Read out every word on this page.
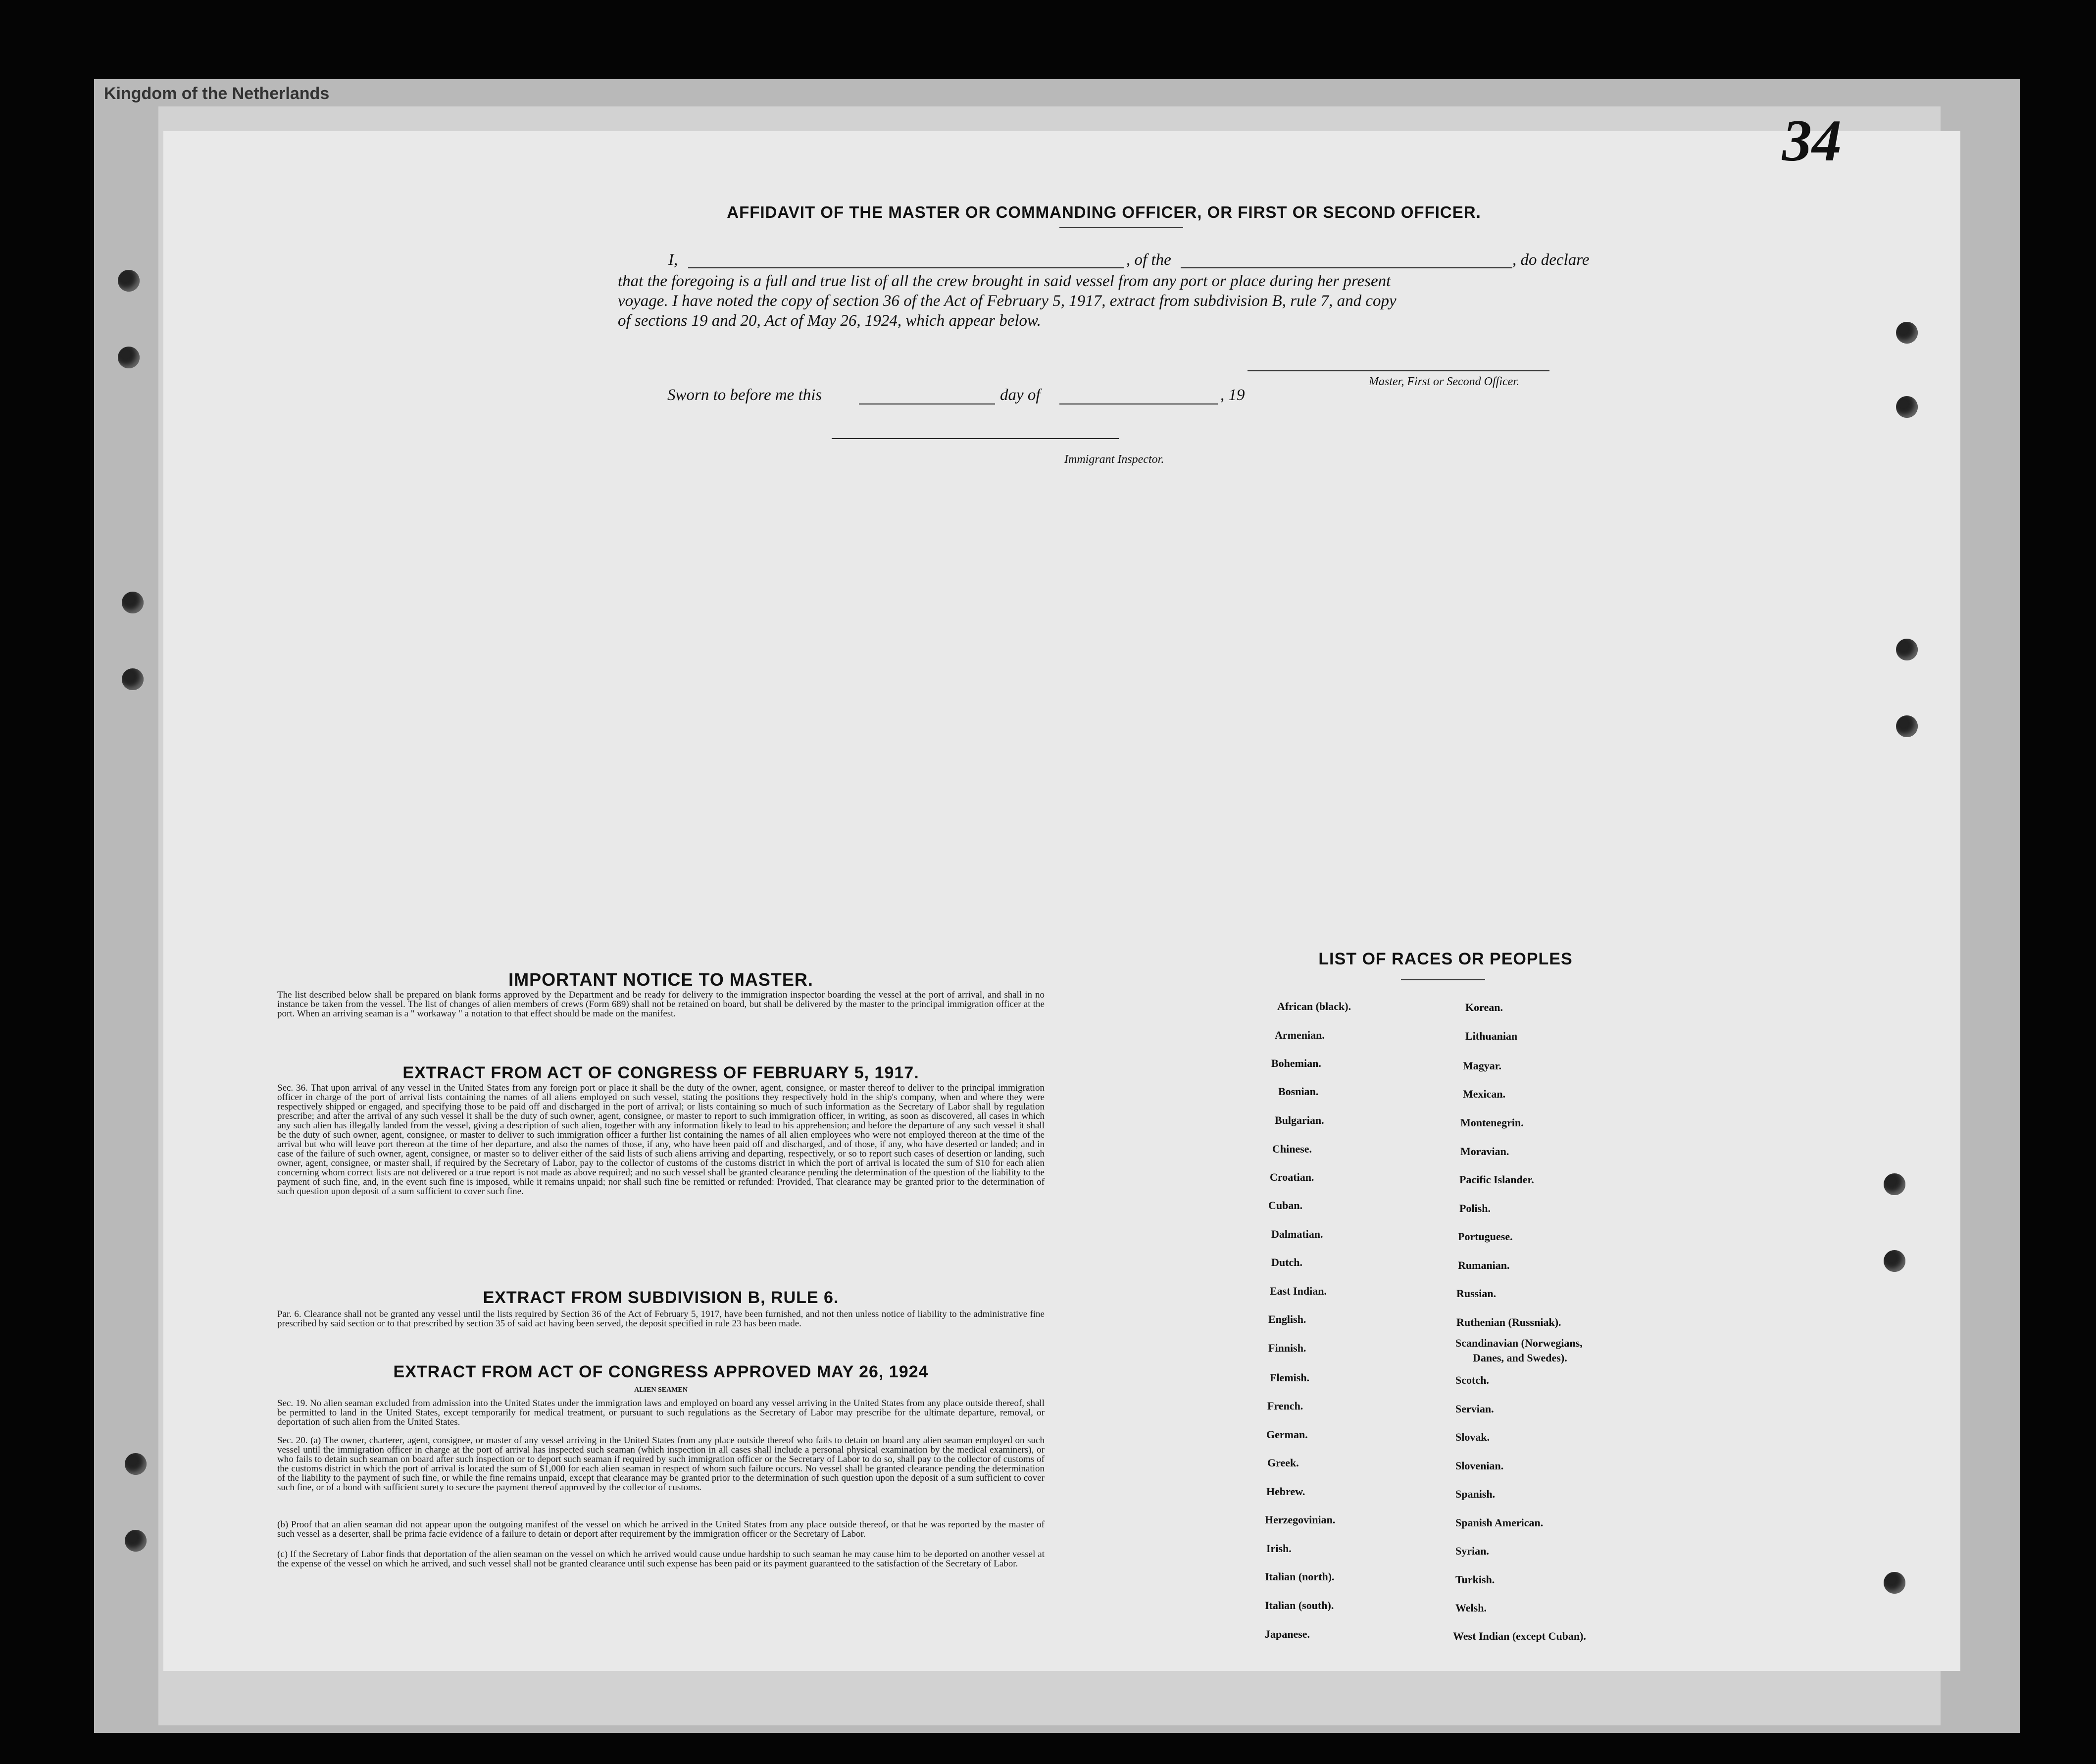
Kingdom of the Netherlands
34
AFFIDAVIT OF THE MASTER OR COMMANDING OFFICER, OR FIRST OR SECOND OFFICER.
I,	, of the	, do declare
that the foregoing is a full and true list of all the crew brought in said vessel from any port or place during her present
voyage. I have noted the copy of section 36 of the Act of February 5, 1917, extract from subdivision B, rule 7, and copy
of sections 19 and 20, Act of May 26, 1924, which appear below.
Master, First or Second Officer.
Sworn to before me this	day of	, 19
Immigrant Inspector.
IMPORTANT NOTICE TO MASTER.
The list described below shall be prepared on blank forms approved by the Department and be ready for delivery to the immigration inspector boarding the vessel at the port of arrival, and shall in no instance be taken from the vessel. The list of changes of alien members of crews (Form 689) shall not be retained on board, but shall be delivered by the master to the principal immigration officer at the port. When an arriving seaman is a " workaway " a notation to that effect should be made on the manifest.
EXTRACT FROM ACT OF CONGRESS OF FEBRUARY 5, 1917.
Sec. 36. That upon arrival of any vessel in the United States from any foreign port or place it shall be the duty of the owner, agent, consignee, or master thereof to deliver to the principal immigration officer in charge of the port of arrival lists containing the names of all aliens employed on such vessel, stating the positions they respectively hold in the ship's company, when and where they were respectively shipped or engaged, and specifying those to be paid off and discharged in the port of arrival; or lists containing so much of such information as the Secretary of Labor shall by regulation prescribe; and after the arrival of any such vessel it shall be the duty of such owner, agent, consignee, or master to report to such immigration officer, in writing, as soon as discovered, all cases in which any such alien has illegally landed from the vessel, giving a description of such alien, together with any information likely to lead to his apprehension; and before the departure of any such vessel it shall be the duty of such owner, agent, consignee, or master to deliver to such immigration officer a further list containing the names of all alien employees who were not employed thereon at the time of the arrival but who will leave port thereon at the time of her departure, and also the names of those, if any, who have been paid off and discharged, and of those, if any, who have deserted or landed; and in case of the failure of such owner, agent, consignee, or master so to deliver either of the said lists of such aliens arriving and departing, respectively, or so to report such cases of desertion or landing, such owner, agent, consignee, or master shall, if required by the Secretary of Labor, pay to the collector of customs of the customs district in which the port of arrival is located the sum of $10 for each alien concerning whom correct lists are not delivered or a true report is not made as above required; and no such vessel shall be granted clearance pending the determination of the question of the liability to the payment of such fine, and, in the event such fine is imposed, while it remains unpaid; nor shall such fine be remitted or refunded: Provided, That clearance may be granted prior to the determination of such question upon deposit of a sum sufficient to cover such fine.
EXTRACT FROM SUBDIVISION B, RULE 6.
Par. 6. Clearance shall not be granted any vessel until the lists required by Section 36 of the Act of February 5, 1917, have been furnished, and not then unless notice of liability to the administrative fine prescribed by said section or to that prescribed by section 35 of said act having been served, the deposit specified in rule 23 has been made.
EXTRACT FROM ACT OF CONGRESS APPROVED MAY 26, 1924
ALIEN SEAMEN
Sec. 19. No alien seaman excluded from admission into the United States under the immigration laws and employed on board any vessel arriving in the United States from any place outside thereof, shall be permitted to land in the United States, except temporarily for medical treatment, or pursuant to such regulations as the Secretary of Labor may prescribe for the ultimate departure, removal, or deportation of such alien from the United States.
Sec. 20. (a) The owner, charterer, agent, consignee, or master of any vessel arriving in the United States from any place outside thereof who fails to detain on board any alien seaman employed on such vessel until the immigration officer in charge at the port of arrival has inspected such seaman (which inspection in all cases shall include a personal physical examination by the medical examiners), or who fails to detain such seaman on board after such inspection or to deport such seaman if required by such immigration officer or the Secretary of Labor to do so, shall pay to the collector of customs of the customs district in which the port of arrival is located the sum of $1,000 for each alien seaman in respect of whom such failure occurs. No vessel shall be granted clearance pending the determination of the liability to the payment of such fine, or while the fine remains unpaid, except that clearance may be granted prior to the determination of such question upon the deposit of a sum sufficient to cover such fine, or of a bond with sufficient surety to secure the payment thereof approved by the collector of customs.
(b) Proof that an alien seaman did not appear upon the outgoing manifest of the vessel on which he arrived in the United States from any place outside thereof, or that he was reported by the master of such vessel as a deserter, shall be prima facie evidence of a failure to detain or deport after requirement by the immigration officer or the Secretary of Labor.
(c) If the Secretary of Labor finds that deportation of the alien seaman on the vessel on which he arrived would cause undue hardship to such seaman he may cause him to be deported on another vessel at the expense of the vessel on which he arrived, and such vessel shall not be granted clearance until such expense has been paid or its payment guaranteed to the satisfaction of the Secretary of Labor.
LIST OF RACES OR PEOPLES
African (black).
Armenian.
Bohemian.
Bosnian.
Bulgarian.
Chinese.
Croatian.
Cuban.
Dalmatian.
Dutch.
East Indian.
English.
Finnish.
Flemish.
French.
German.
Greek.
Hebrew.
Herzegovinian.
Irish.
Italian (north).
Italian (south).
Japanese.
Korean.
Lithuanian
Magyar.
Mexican.
Montenegrin.
Moravian.
Pacific Islander.
Polish.
Portuguese.
Rumanian.
Russian.
Ruthenian (Russniak).
Scandinavian (Norwegians,
Danes, and Swedes).
Scotch.
Servian.
Slovak.
Slovenian.
Spanish.
Spanish American.
Syrian.
Turkish.
Welsh.
West Indian (except Cuban).
